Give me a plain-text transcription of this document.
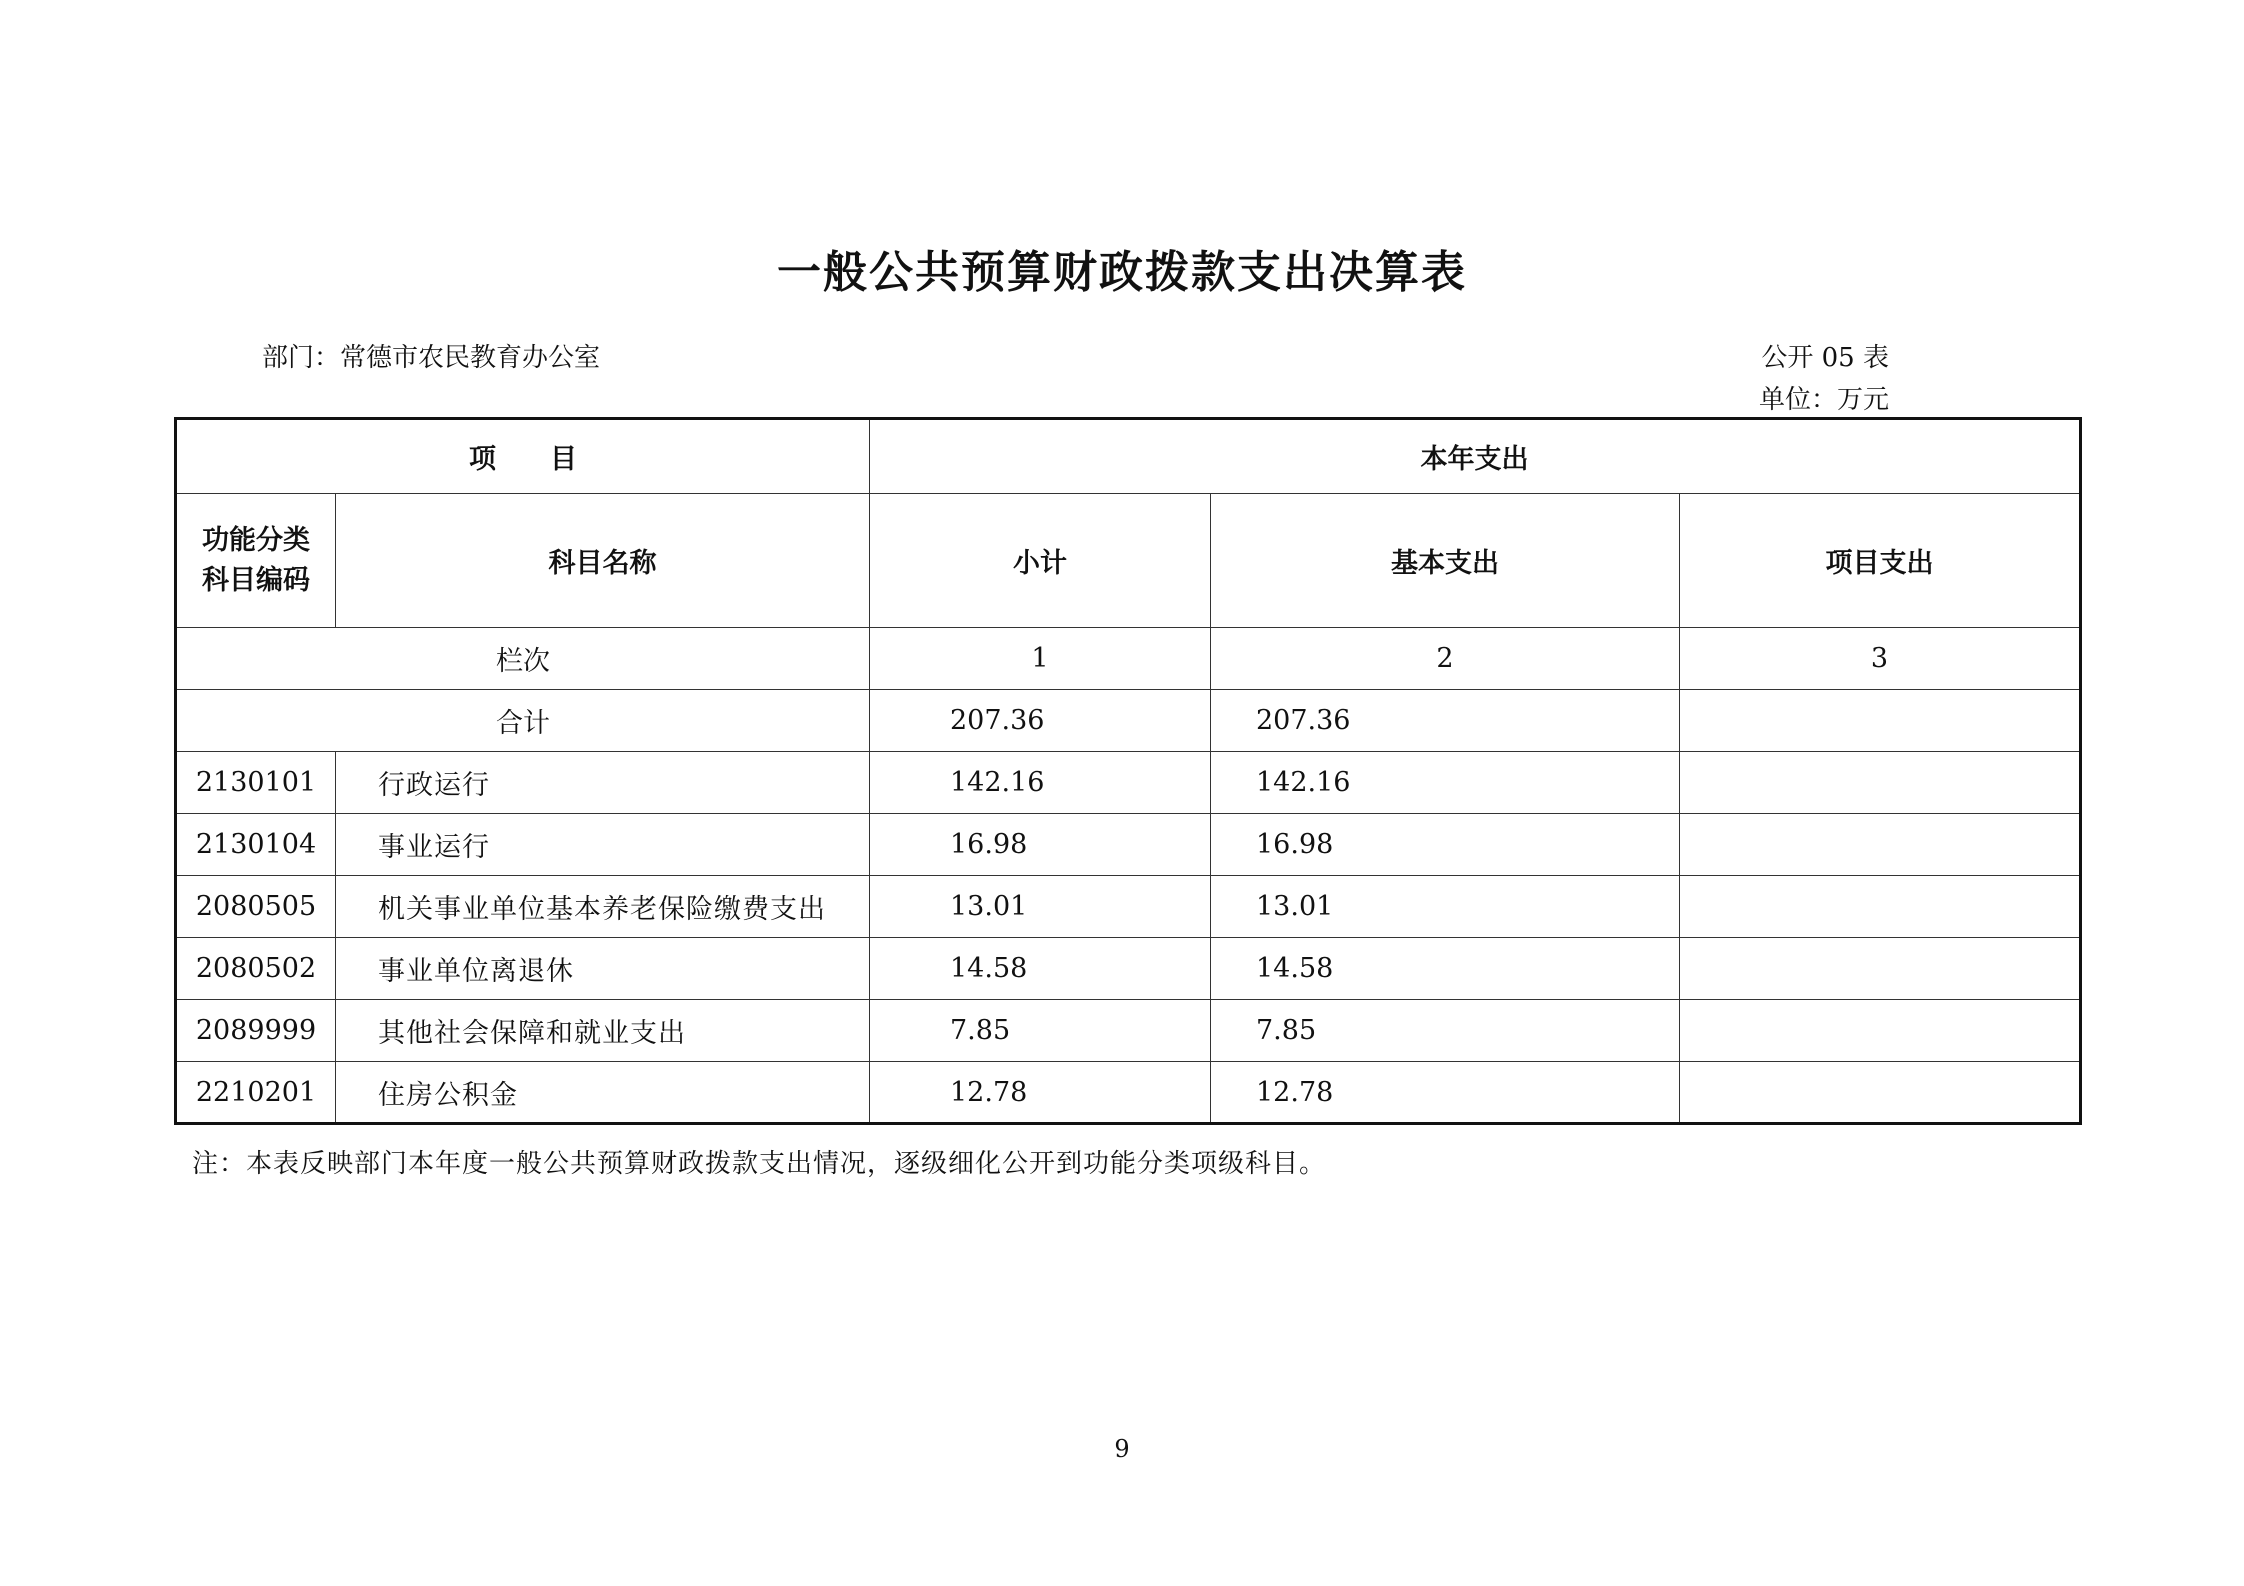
一般公共预算财政拨款支出决算表
部门：常德市农民教育办公室	公开 05 表
单位：万元
项　　目		本年支出		

功能分类
科目编码	科目名称	小计	基本支出	项目支出
栏次		1	2	3
合计		207.36	207.36	
2130101	行政运行	142.16	142.16	
2130104	事业运行	16.98	16.98	
2080505	机关事业单位基本养老保险缴费支出	13.01	13.01	
2080502	事业单位离退休	14.58	14.58	
2089999	其他社会保障和就业支出	7.85	7.85	
2210201	住房公积金	12.78	12.78	
注：本表反映部门本年度一般公共预算财政拨款支出情况，逐级细化公开到功能分类项级科目。
9
